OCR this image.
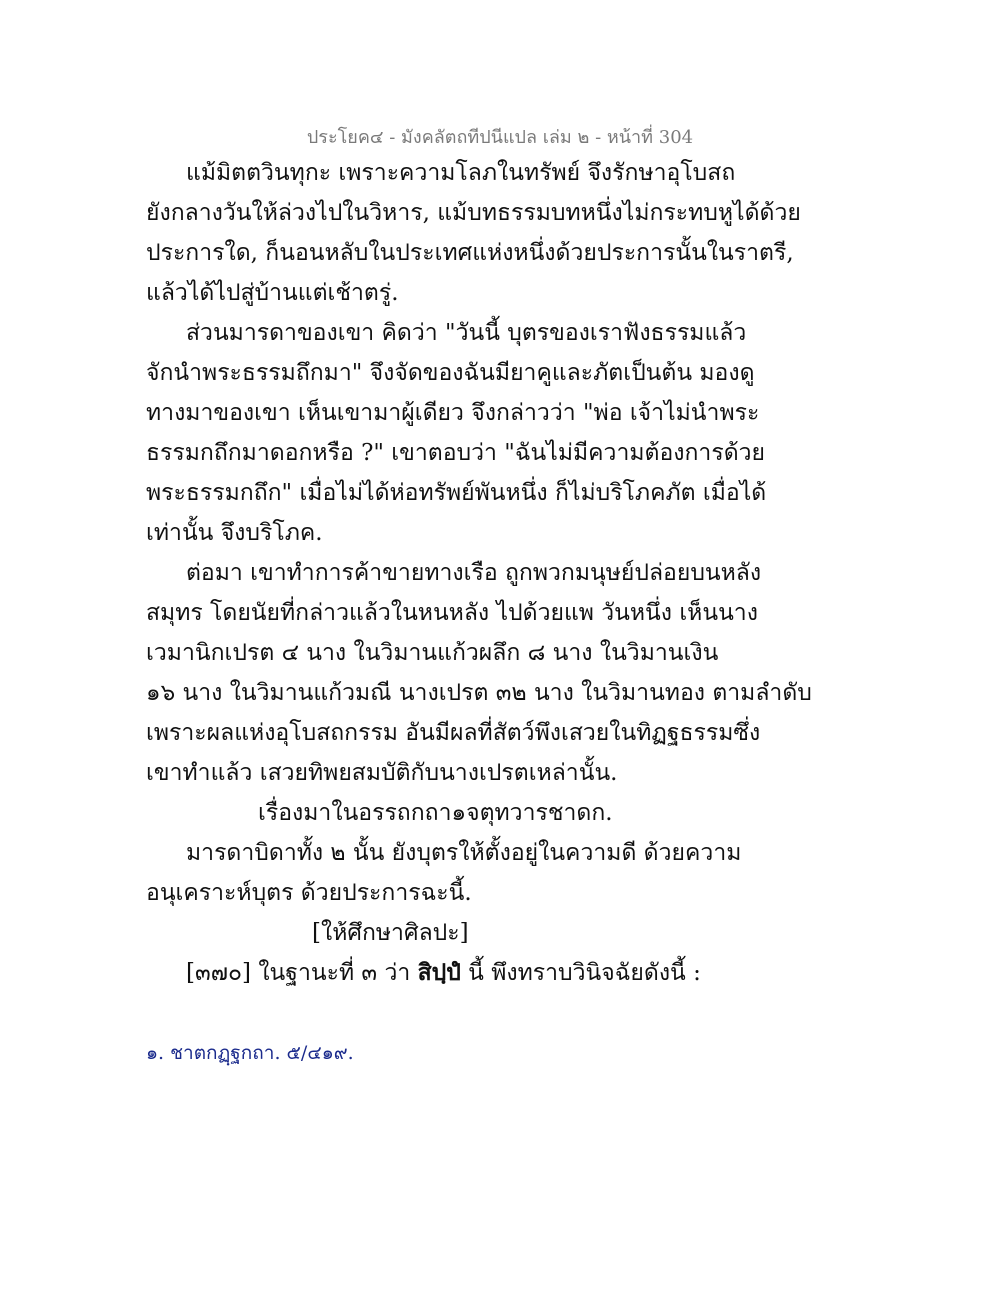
ประโยค๔ - มังคลัตถทีปนีแปล เล่ม ๒ - หน้าที่ 304
แม้มิตตวินทุกะ เพราะความโลภในทรัพย์ จึงรักษาอุโบสถ
ยังกลางวันให้ล่วงไปในวิหาร, แม้บทธรรมบทหนึ่งไม่กระทบหูได้ด้วย
ประการใด, ก็นอนหลับในประเทศแห่งหนึ่งด้วยประการนั้นในราตรี,
แล้วได้ไปสู่บ้านแต่เช้าตรู่.
ส่วนมารดาของเขา คิดว่า "วันนี้ บุตรของเราฟังธรรมแล้ว
จักนำพระธรรมถึกมา" จึงจัดของฉันมียาคูและภัตเป็นต้น มองดู
ทางมาของเขา เห็นเขามาผู้เดียว จึงกล่าวว่า "พ่อ เจ้าไม่นำพระ
ธรรมกถึกมาดอกหรือ ?" เขาตอบว่า "ฉันไม่มีความต้องการด้วย
พระธรรมกถึก" เมื่อไม่ได้ห่อทรัพย์พันหนึ่ง ก็ไม่บริโภคภัต เมื่อได้
เท่านั้น จึงบริโภค.
ต่อมา เขาทำการค้าขายทางเรือ ถูกพวกมนุษย์ปล่อยบนหลัง
สมุทร โดยนัยที่กล่าวแล้วในหนหลัง ไปด้วยแพ วันหนึ่ง เห็นนาง
เวมานิกเปรต ๔ นาง ในวิมานแก้วผลึก ๘ นาง ในวิมานเงิน
๑๖ นาง ในวิมานแก้วมณี นางเปรต ๓๒ นาง ในวิมานทอง ตามลำดับ
เพราะผลแห่งอุโบสถกรรม อันมีผลที่สัตว์พึงเสวยในทิฏฐธรรมซึ่ง
เขาทำแล้ว เสวยทิพยสมบัติกับนางเปรตเหล่านั้น.
เรื่องมาในอรรถกถา๑จตุทวารชาดก.
มารดาบิดาทั้ง ๒ นั้น ยังบุตรให้ตั้งอยู่ในความดี ด้วยความ
อนุเคราะห์บุตร ด้วยประการฉะนี้.
[ให้ศึกษาศิลปะ]
[๓๗๐] ในฐานะที่ ๓ ว่า สิปฺปํ นี้ พึงทราบวินิจฉัยดังนี้ :
๑. ชาตกฏฺฐกถา. ๕/๔๑๙.
